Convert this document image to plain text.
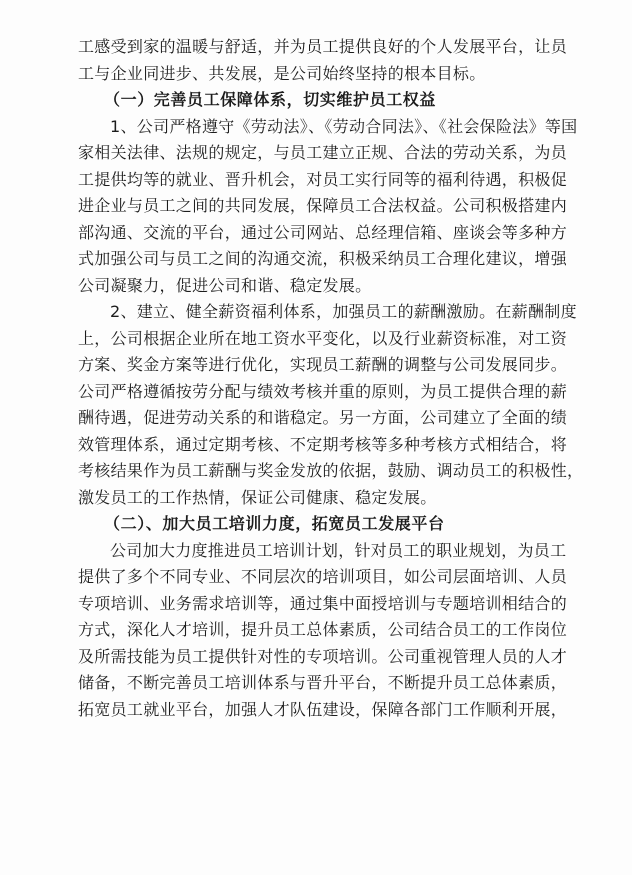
工感受到家的温暖与舒适，并为员工提供良好的个人发展平台，让员
工与企业同进步、共发展，是公司始终坚持的根本目标。
（一）完善员工保障体系，切实维护员工权益
1、公司严格遵守《劳动法》、《劳动合同法》、《社会保险法》等国
家相关法律、法规的规定，与员工建立正规、合法的劳动关系，为员
工提供均等的就业、晋升机会，对员工实行同等的福利待遇，积极促
进企业与员工之间的共同发展，保障员工合法权益。公司积极搭建内
部沟通、交流的平台，通过公司网站、总经理信箱、座谈会等多种方
式加强公司与员工之间的沟通交流，积极采纳员工合理化建议，增强
公司凝聚力，促进公司和谐、稳定发展。
2、建立、健全薪资福利体系，加强员工的薪酬激励。在薪酬制度
上，公司根据企业所在地工资水平变化，以及行业薪资标准，对工资
方案、奖金方案等进行优化，实现员工薪酬的调整与公司发展同步。
公司严格遵循按劳分配与绩效考核并重的原则，为员工提供合理的薪
酬待遇，促进劳动关系的和谐稳定。另一方面，公司建立了全面的绩
效管理体系，通过定期考核、不定期考核等多种考核方式相结合，将
考核结果作为员工薪酬与奖金发放的依据，鼓励、调动员工的积极性，
激发员工的工作热情，保证公司健康、稳定发展。
（二）、加大员工培训力度，拓宽员工发展平台
公司加大力度推进员工培训计划，针对员工的职业规划，为员工
提供了多个不同专业、不同层次的培训项目，如公司层面培训、人员
专项培训、业务需求培训等，通过集中面授培训与专题培训相结合的
方式，深化人才培训，提升员工总体素质，公司结合员工的工作岗位
及所需技能为员工提供针对性的专项培训。公司重视管理人员的人才
储备，不断完善员工培训体系与晋升平台，不断提升员工总体素质，
拓宽员工就业平台，加强人才队伍建设，保障各部门工作顺利开展，
